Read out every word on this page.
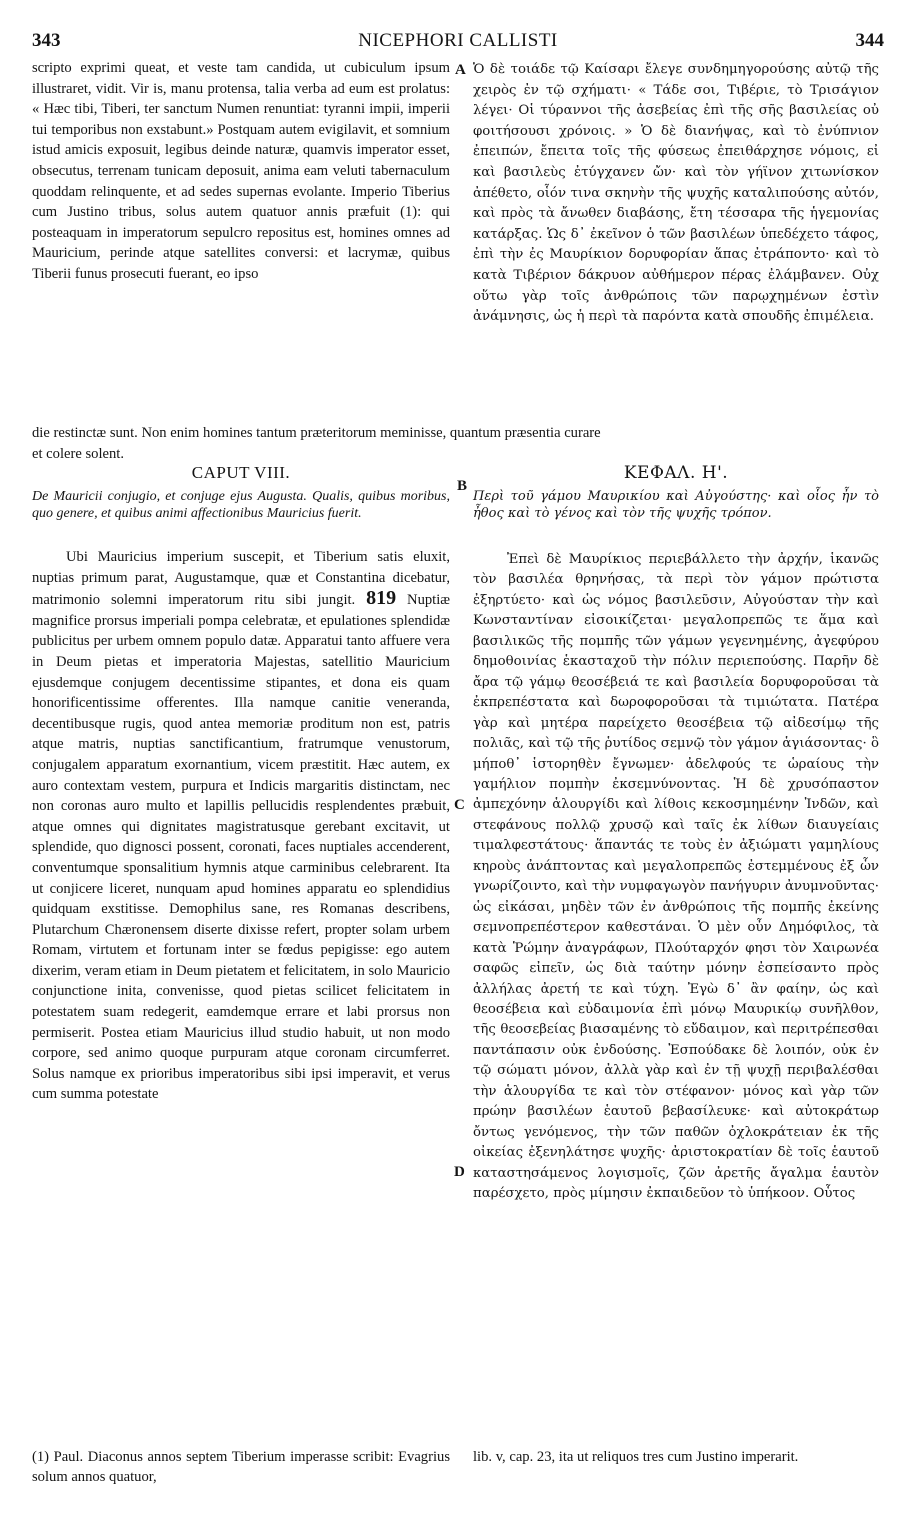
343	NICEPHORI CALLISTI	344
A
B
C
D

scripto exprimi queat, et veste tam candida, ut cubiculum ipsum illustraret, vidit. Vir is, manu protensa, talia verba ad eum est prolatus: « Hæc tibi, Tiberi, ter sanctum Numen renuntiat: tyranni impii, imperii tui temporibus non exstabunt.» Postquam autem evigilavit, et somnium istud amicis exposuit, legibus deinde naturæ, quamvis imperator esset, obsecutus, terrenam tunicam deposuit, anima eam veluti tabernaculum quoddam relinquente, et ad sedes supernas evolante. Imperio Tiberius cum Justino tribus, solus autem quatuor annis præfuit (1): qui posteaquam in imperatorum sepulcro repositus est, homines omnes ad Mauricium, perinde atque satellites conversi: et lacrymæ, quibus Tiberii funus prosecuti fuerant, eo ipso

Ὁ δὲ τοιάδε τῷ Καίσαρι ἔλεγε συνδημηγορούσης αὐτῷ τῆς χειρὸς ἐν τῷ σχήματι· « Τάδε σοι, Τιβέριε, τὸ Τρισάγιον λέγει· Οἱ τύραννοι τῆς ἀσεβείας ἐπὶ τῆς σῆς βασιλείας οὐ φοιτήσουσι χρόνοις. » Ὁ δὲ διανήψας, καὶ τὸ ἐνύπνιον ἐπειπών, ἔπειτα τοῖς τῆς φύσεως ἐπειθάρχησε νόμοις, εἰ καὶ βασιλεὺς ἐτύγχανεν ὤν· καὶ τὸν γήϊνον χιτωνίσκον ἀπέθετο, οἷόν τινα σκηνὴν τῆς ψυχῆς καταλιπούσης αὐτόν, καὶ πρὸς τὰ ἄνωθεν διαβάσης, ἔτη τέσσαρα τῆς ἡγεμονίας κατάρξας. Ὡς δ᾽ ἐκεῖνον ὁ τῶν βασιλέων ὑπεδέχετο τάφος, ἐπὶ τὴν ἐς Μαυρίκιον δορυφορίαν ἅπας ἐτράποντο· καὶ τὸ κατὰ Τιβέριον δάκρυον αὐθήμερον πέρας ἐλάμβανεν. Οὐχ οὕτω γὰρ τοῖς ἀνθρώποις τῶν παρῳχημένων ἐστὶν ἀνάμνησις, ὡς ἡ περὶ τὰ παρόντα κατὰ σπουδῆς ἐπιμέλεια.

die restinctæ sunt. Non enim homines tantum præteritorum meminisse, quantum præsentia curare

et colere solent.

CAPUT VIII.	ΚΕΦΑΛ. Η'.
De Mauricii conjugio, et conjuge ejus Augusta. Qualis, quibus moribus, quo genere, et quibus animi affectionibus Mauricius fuerit.
Περὶ τοῦ γάμου Μαυρικίου καὶ Αὐγούστης· καὶ οἷος ἦν τὸ ἦθος καὶ τὸ γένος καὶ τὸν τῆς ψυχῆς τρόπον.

Ubi Mauricius imperium suscepit, et Tiberium satis eluxit, nuptias primum parat, Augustamque, quæ et Constantina dicebatur, matrimonio solemni imperatorum ritu sibi jungit. 819 Nuptiæ magnifice prorsus imperiali pompa celebratæ, et epulationes splendidæ publicitus per urbem omnem populo datæ. Apparatui tanto affuere vera in Deum pietas et imperatoria Majestas, satellitio Mauricium ejusdemque conjugem decentissime stipantes, et dona eis quam honorificentissime offerentes. Illa namque canitie veneranda, decentibusque rugis, quod antea memoriæ proditum non est, patris atque matris, nuptias sanctificantium, fratrumque venustorum, conjugalem apparatum exornantium, vicem præstitit. Hæc autem, ex auro contextam vestem, purpura et Indicis margaritis distinctam, nec non coronas auro multo et lapillis pellucidis resplendentes præbuit, atque omnes qui dignitates magistratusque gerebant excitavit, ut splendide, quo dignosci possent, coronati, faces nuptiales accenderent, conventumque sponsalitium hymnis atque carminibus celebrarent. Ita ut conjicere liceret, nunquam apud homines apparatu eo splendidius quidquam exstitisse. Demophilus sane, res Romanas describens, Plutarchum Chæronensem diserte dixisse refert, propter solam urbem Romam, virtutem et fortunam inter se fœdus pepigisse: ego autem dixerim, veram etiam in Deum pietatem et felicitatem, in solo Mauricio conjunctione inita, convenisse, quod pietas scilicet felicitatem in potestatem suam redegerit, eamdemque errare et labi prorsus non permiserit. Postea etiam Mauricius illud studio habuit, ut non modo corpore, sed animo quoque purpuram atque coronam circumferret. Solus namque ex prioribus imperatoribus sibi ipsi imperavit, et verus cum summa potestate

Ἐπεὶ δὲ Μαυρίκιος περιεβάλλετο τὴν ἀρχήν, ἱκανῶς τὸν βασιλέα θρηνήσας, τὰ περὶ τὸν γάμον πρώτιστα ἐξηρτύετο· καὶ ὡς νόμος βασιλεῦσιν, Αὐγούσταν τὴν καὶ Κωνσταντίναν εἰσοικίζεται· μεγαλοπρεπῶς τε ἅμα καὶ βασιλικῶς τῆς πομπῆς τῶν γάμων γεγενημένης, ἀγεφύρου δημοθοινίας ἑκασταχοῦ τὴν πόλιν περιεπούσης. Παρῆν δὲ ἄρα τῷ γάμῳ θεοσέβειά τε καὶ βασιλεία δορυφοροῦσαι τὰ ἐκπρεπέστατα καὶ δωροφοροῦσαι τὰ τιμιώτατα. Πατέρα γὰρ καὶ μητέρα παρείχετο θεοσέβεια τῷ αἰδεσίμῳ τῆς πολιᾶς, καὶ τῷ τῆς ῥυτίδος σεμνῷ τὸν γάμον ἁγιάσοντας· ὃ μήποθ᾽ ἱστορηθὲν ἔγνωμεν· ἀδελφούς τε ὡραίους τὴν γαμήλιον πομπὴν ἐκσεμνύνοντας. Ἡ δὲ χρυσόπαστον ἀμπεχόνην ἁλουργίδι καὶ λίθοις κεκοσμημένην Ἰνδῶν, καὶ στεφάνους πολλῷ χρυσῷ καὶ ταῖς ἐκ λίθων διαυγείαις τιμαλφεστάτους· ἅπαντάς τε τοὺς ἐν ἀξιώματι γαμηλίους κηροὺς ἀνάπτοντας καὶ μεγαλοπρεπῶς ἐστεμμένους ἐξ ὧν γνωρίζοιντο, καὶ τὴν νυμφαγωγὸν πανήγυριν ἀνυμνοῦντας· ὡς εἰκάσαι, μηδὲν τῶν ἐν ἀνθρώποις τῆς πομπῆς ἐκείνης σεμνοπρεπέστερον καθεστάναι. Ὁ μὲν οὖν Δημόφιλος, τὰ κατὰ Ῥώμην ἀναγράφων, Πλούταρχόν φησι τὸν Χαιρωνέα σαφῶς εἰπεῖν, ὡς διὰ ταύτην μόνην ἐσπείσαντο πρὸς ἀλλήλας ἀρετή τε καὶ τύχη. Ἐγὼ δ᾽ ἂν φαίην, ὡς καὶ θεοσέβεια καὶ εὐδαιμονία ἐπὶ μόνῳ Μαυρικίῳ συνῆλθον, τῆς θεοσεβείας βιασαμένης τὸ εὔδαιμον, καὶ περιτρέπεσθαι παντάπασιν οὐκ ἐνδούσης. Ἐσπούδακε δὲ λοιπόν, οὐκ ἐν τῷ σώματι μόνον, ἀλλὰ γὰρ καὶ ἐν τῇ ψυχῇ περιβαλέσθαι τὴν ἁλουργίδα τε καὶ τὸν στέφανον· μόνος καὶ γὰρ τῶν πρώην βασιλέων ἑαυτοῦ βεβασίλευκε· καὶ αὐτοκράτωρ ὄντως γενόμενος, τὴν τῶν παθῶν ὀχλοκράτειαν ἐκ τῆς οἰκείας ἐξενηλάτησε ψυχῆς· ἀριστοκρατίαν δὲ τοῖς ἑαυτοῦ καταστησάμενος λογισμοῖς, ζῶν ἀρετῆς ἄγαλμα ἑαυτὸν παρέσχετο, πρὸς μίμησιν ἐκπαιδεῦον τὸ ὑπήκοον. Οὗτος

(1) Paul. Diaconus annos septem Tiberium imperasse scribit: Evagrius solum annos quatuor,
lib. v, cap. 23, ita ut reliquos tres cum Justino imperarit.
